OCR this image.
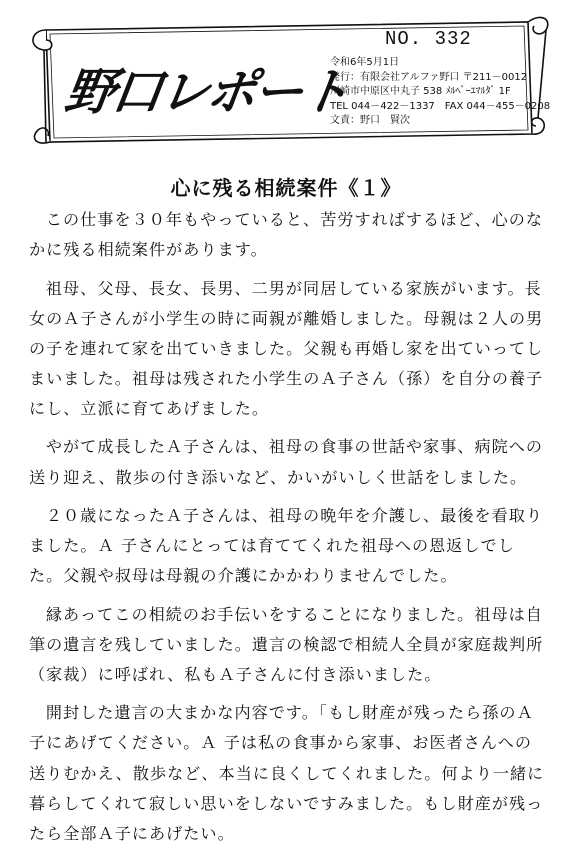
野口レポート
NO. 332
令和6年5月1日
発行：有限会社アルファ野口 〒211－0012
川崎市中原区中丸子 538 ﾒﾙﾍﾞｰﾕﾏﾙﾀﾞ 1F
TEL 044－422－1337　FAX 044－455－0208
文責：野口　賢次
心に残る相続案件《１》

この仕事を３０年もやっていると、苦労すればするほど、心のなかに残る相続案件があります。

祖母、父母、長女、長男、二男が同居している家族がいます。長女のＡ子さんが小学生の時に両親が離婚しました。母親は２人の男の子を連れて家を出ていきました。父親も再婚し家を出ていってしまいました。祖母は残された小学生のＡ子さん（孫）を自分の養子にし、立派に育てあげました。

やがて成長したＡ子さんは、祖母の食事の世話や家事、病院への送り迎え、散歩の付き添いなど、かいがいしく世話をしました。

２０歳になったＡ子さんは、祖母の晩年を介護し、最後を看取りました。Ａ 子さんにとっては育ててくれた祖母への恩返しでした。父親や叔母は母親の介護にかかわりませんでした。

縁あってこの相続のお手伝いをすることになりました。祖母は自筆の遺言を残していました。遺言の検認で相続人全員が家庭裁判所（家裁）に呼ばれ、私もＡ子さんに付き添いました。

開封した遺言の大まかな内容です。｢もし財産が残ったら孫のＡ子にあげてください。Ａ 子は私の食事から家事、お医者さんへの送りむかえ、散歩など、本当に良くしてくれました。何より一緒に暮らしてくれて寂しい思いをしないですみました。もし財産が残ったら全部Ａ子にあげたい。
